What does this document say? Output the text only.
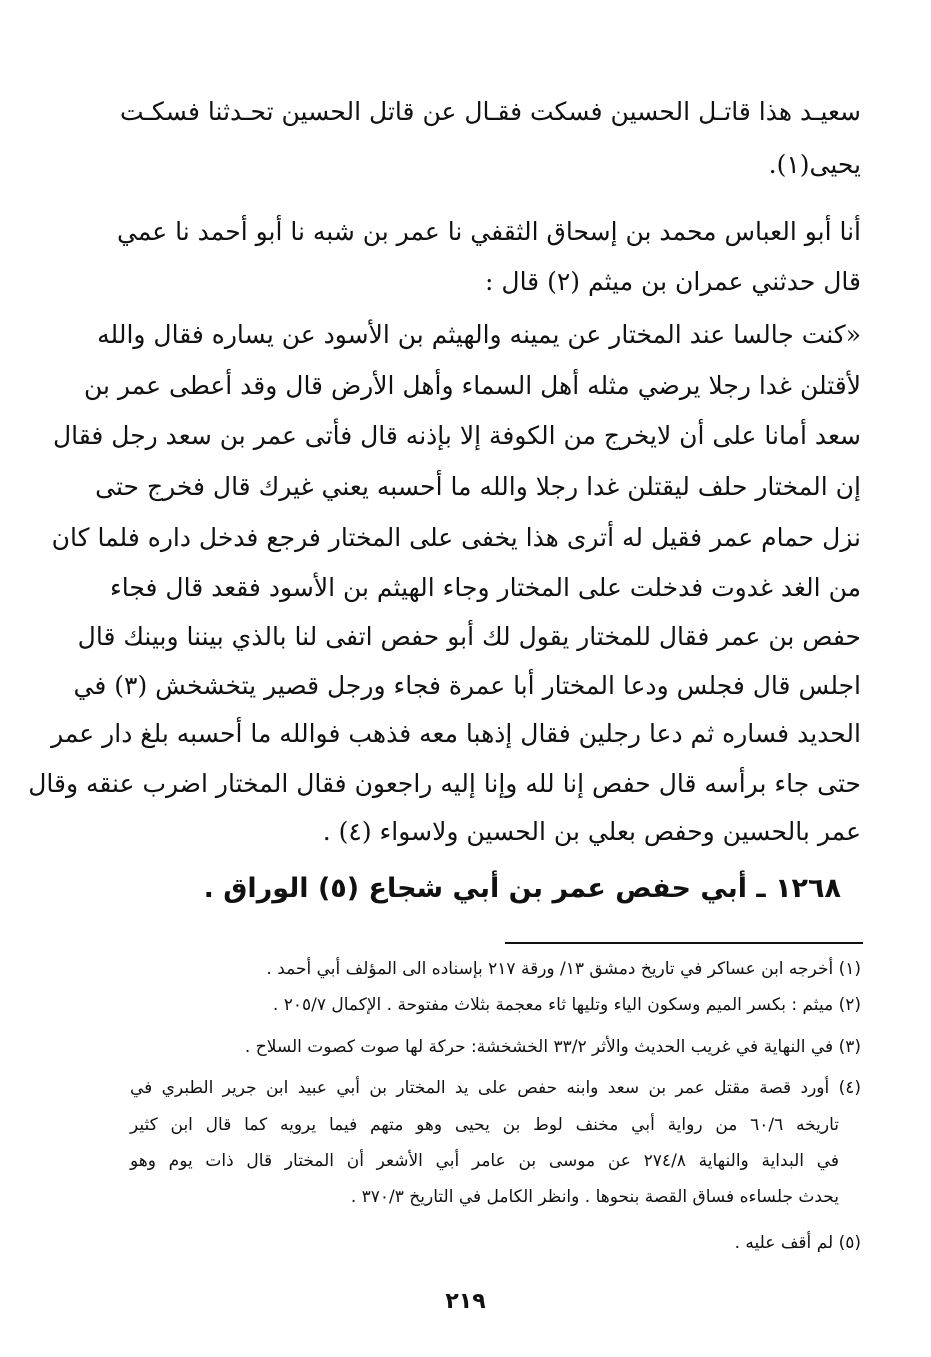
سعيـد هذا قاتـل الحسين فسكت فقـال عن قاتل الحسين تحـدثنا فسكـت
يحيى(١).
أنا أبو العباس محمد بن إسحاق الثقفي نا عمر بن شبه نا أبو أحمد نا عمي
قال حدثني عمران بن ميثم (٢) قال :
«كنت جالسا عند المختار عن يمينه والهيثم بن الأسود عن يساره فقال والله
لأقتلن غدا رجلا يرضي مثله أهل السماء وأهل الأرض قال وقد أعطى عمر بن
سعد أمانا على أن لايخرج من الكوفة إلا بإذنه قال فأتى عمر بن سعد رجل فقال
إن المختار حلف ليقتلن غدا رجلا والله ما أحسبه يعني غيرك قال فخرج حتى
نزل حمام عمر فقيل له أترى هذا يخفى على المختار فرجع فدخل داره فلما كان
من الغد غدوت فدخلت على المختار وجاء الهيثم بن الأسود فقعد قال فجاء
حفص بن عمر فقال للمختار يقول لك أبو حفص اتفى لنا بالذي بيننا وبينك قال
اجلس قال فجلس ودعا المختار أبا عمرة فجاء ورجل قصير يتخشخش (٣) في
الحديد فساره ثم دعا رجلين فقال إذهبا معه فذهب فوالله ما أحسبه بلغ دار عمر
حتى جاء برأسه قال حفص إنا لله وإنا إليه راجعون فقال المختار اضرب عنقه وقال
عمر بالحسين وحفص بعلي بن الحسين ولاسواء (٤) .
١٢٦٨ ـ أبي حفص عمر بن أبي شجاع (٥) الوراق .
(١) أخرجه ابن عساكر في تاريخ دمشق ١٣/ ورقة ٢١٧ بإسناده الى المؤلف أبي أحمد .
(٢) ميثم : بكسر الميم وسكون الياء وتليها ثاء معجمة بثلاث مفتوحة . الإكمال ٢٠٥/٧ .
(٣) في النهاية في غريب الحديث والأثر ٣٣/٢ الخشخشة: حركة لها صوت كصوت السلاح .
(٤) أورد قصة مقتل عمر بن سعد وابنه حفص على يد المختار بن أبي عبيد ابن جرير الطبري في
تاريخه ٦٠/٦ من رواية أبي مخنف لوط بن يحيى وهو متهم فيما يرويه كما قال ابن كثير
في البداية والنهاية ٢٧٤/٨ عن موسى بن عامر أبي الأشعر أن المختار قال ذات يوم وهو
يحدث جلساءه فساق القصة بنحوها . وانظر الكامل في التاريخ ٣٧٠/٣ .
(٥) لم أقف عليه .
٢١٩
